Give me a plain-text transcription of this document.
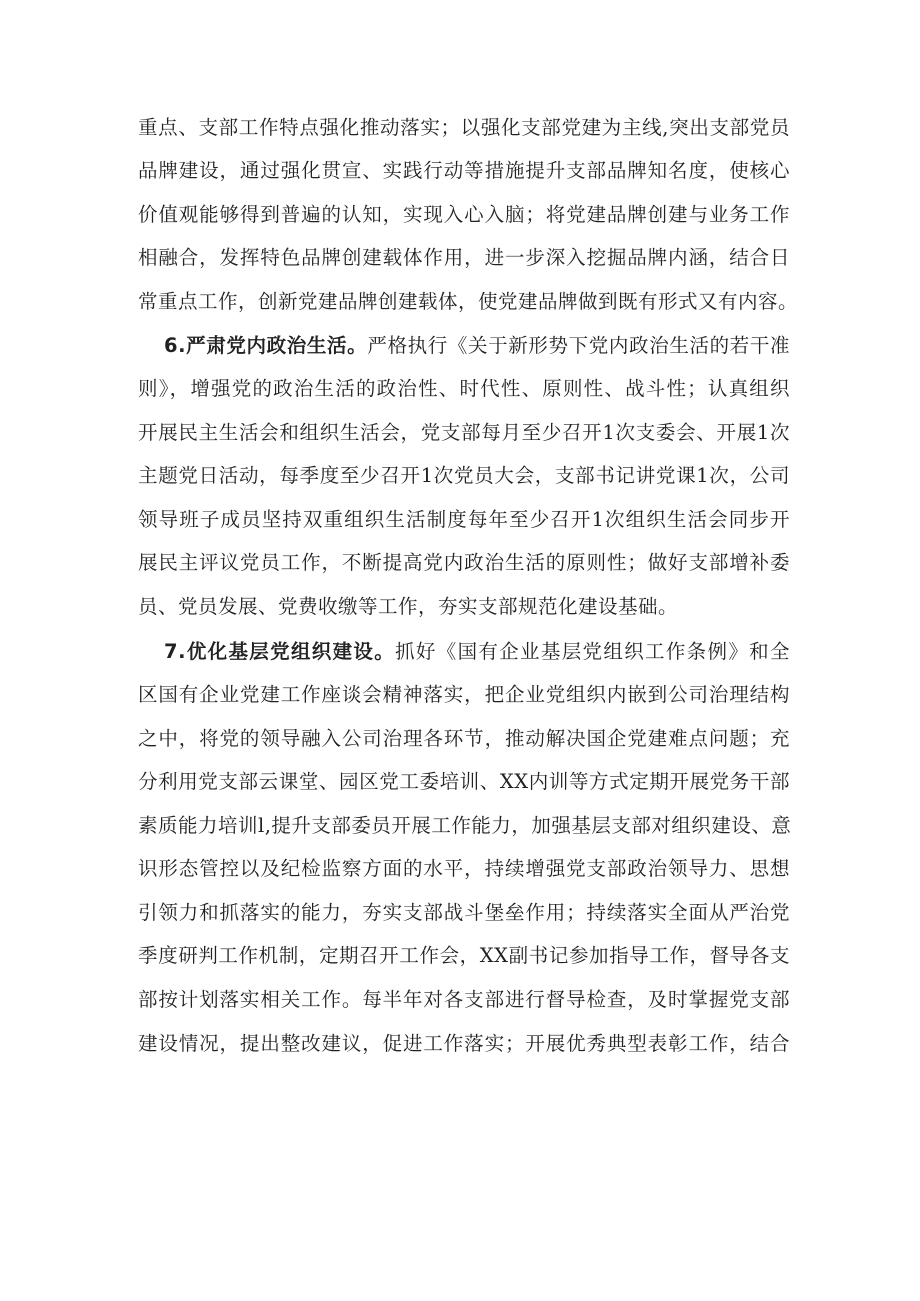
重点、支部工作特点强化推动落实；以强化支部党建为主线,突出支部党员
品牌建设，通过强化贯宣、实践行动等措施提升支部品牌知名度，使核心
价值观能够得到普遍的认知，实现入心入脑；将党建品牌创建与业务工作
相融合，发挥特色品牌创建载体作用，进一步深入挖掘品牌内涵，结合日
常重点工作，创新党建品牌创建载体，使党建品牌做到既有形式又有内容。
6.严肃党内政治生活。严格执行《关于新形势下党内政治生活的若干准
则》，增强党的政治生活的政治性、时代性、原则性、战斗性；认真组织
开展民主生活会和组织生活会，党支部每月至少召开1次支委会、开展1次
主题党日活动，每季度至少召开1次党员大会，支部书记讲党课1次，公司
领导班子成员坚持双重组织生活制度每年至少召开1次组织生活会同步开
展民主评议党员工作，不断提高党内政治生活的原则性；做好支部增补委
员、党员发展、党费收缴等工作，夯实支部规范化建设基础。
7.优化基层党组织建设。抓好《国有企业基层党组织工作条例》和全
区国有企业党建工作座谈会精神落实，把企业党组织内嵌到公司治理结构
之中，将党的领导融入公司治理各环节，推动解决国企党建难点问题；充
分利用党支部云课堂、园区党工委培训、XX内训等方式定期开展党务干部
素质能力培训l,提升支部委员开展工作能力，加强基层支部对组织建设、意
识形态管控以及纪检监察方面的水平，持续增强党支部政治领导力、思想
引领力和抓落实的能力，夯实支部战斗堡垒作用；持续落实全面从严治党
季度研判工作机制，定期召开工作会，XX副书记参加指导工作，督导各支
部按计划落实相关工作。每半年对各支部进行督导检查，及时掌握党支部
建设情况，提出整改建议，促进工作落实；开展优秀典型表彰工作，结合
